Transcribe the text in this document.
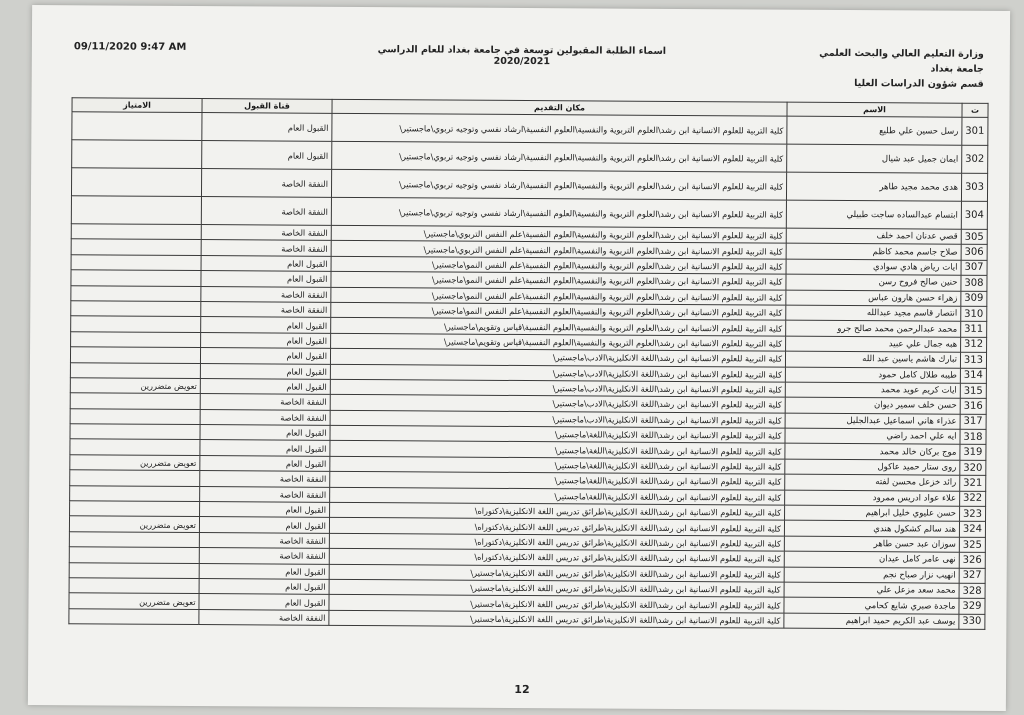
09/11/2020 9:47 AM	اسماء الطلبة المقبولين توسعة في جامعة بغداد للعام الدراسي 2020/2021
وزارة التعليم العالي والبحث العلمي
جامعة بغداد
قسم شؤون الدراسات العليا
ت	الاسم	مكان التقديم	قناة القبول	الامتياز
301	رسل حسين علي طليع	كلية التربية للعلوم الانسانية ابن رشد\العلوم التربوية والنفسية\العلوم النفسية\ارشاد نفسي وتوجيه تربوي\ماجستير\	القبول العام	
302	ايمان جميل عبد شيال	كلية التربية للعلوم الانسانية ابن رشد\العلوم التربوية والنفسية\العلوم النفسية\ارشاد نفسي وتوجيه تربوي\ماجستير\	القبول العام	
303	هدى محمد مجيد طاهر	كلية التربية للعلوم الانسانية ابن رشد\العلوم التربوية والنفسية\العلوم النفسية\ارشاد نفسي وتوجيه تربوي\ماجستير\	النفقة الخاصة	
304	ابتسام عبدالساده ساجت طبيلي	كلية التربية للعلوم الانسانية ابن رشد\العلوم التربوية والنفسية\العلوم النفسية\ارشاد نفسي وتوجيه تربوي\ماجستير\	النفقة الخاصة	
305	قصي عدنان احمد خلف	كلية التربية للعلوم الانسانية ابن رشد\العلوم التربوية والنفسية\العلوم النفسية\علم النفس التربوي\ماجستير\	النفقة الخاصة	
306	صلاح جاسم محمد كاظم	كلية التربية للعلوم الانسانية ابن رشد\العلوم التربوية والنفسية\العلوم النفسية\علم النفس التربوي\ماجستير\	النفقة الخاصة	
307	ايات رياض هادي سوادي	كلية التربية للعلوم الانسانية ابن رشد\العلوم التربوية والنفسية\العلوم النفسية\علم النفس النمو\ماجستير\	القبول العام	
308	حنين صالح فروح رسن	كلية التربية للعلوم الانسانية ابن رشد\العلوم التربوية والنفسية\العلوم النفسية\علم النفس النمو\ماجستير\	القبول العام	
309	زهراء حسن هارون عباس	كلية التربية للعلوم الانسانية ابن رشد\العلوم التربوية والنفسية\العلوم النفسية\علم النفس النمو\ماجستير\	النفقة الخاصة	
310	انتصار قاسم مجيد عبدالله	كلية التربية للعلوم الانسانية ابن رشد\العلوم التربوية والنفسية\العلوم النفسية\علم النفس النمو\ماجستير\	النفقة الخاصة	
311	محمد عبدالرحمن محمد صالح جرو	كلية التربية للعلوم الانسانية ابن رشد\العلوم التربوية والنفسية\العلوم النفسية\قياس وتقويم\ماجستير\	القبول العام	
312	هبه جمال علي عبيد	كلية التربية للعلوم الانسانية ابن رشد\العلوم التربوية والنفسية\العلوم النفسية\قياس وتقويم\ماجستير\	القبول العام	
313	تبارك هاشم ياسين عبد الله	كلية التربية للعلوم الانسانية ابن رشد\اللغة الانكليزية\الادب\ماجستير\	القبول العام	
314	طيبه طلال كامل حمود	كلية التربية للعلوم الانسانية ابن رشد\اللغة الانكليزية\الادب\ماجستير\	القبول العام	
315	ايات كريم عويد محمد	كلية التربية للعلوم الانسانية ابن رشد\اللغة الانكليزية\الادب\ماجستير\	القبول العام	تعويض متضررين
316	حسن خلف سمير ديوان	كلية التربية للعلوم الانسانية ابن رشد\اللغة الانكليزية\الادب\ماجستير\	النفقة الخاصة	
317	عذراء هاني اسماعيل عبدالجليل	كلية التربية للعلوم الانسانية ابن رشد\اللغة الانكليزية\الادب\ماجستير\	النفقة الخاصة	
318	ايه علي احمد راضي	كلية التربية للعلوم الانسانية ابن رشد\اللغة الانكليزية\اللغة\ماجستير\	القبول العام	
319	موج بركان خالد محمد	كلية التربية للعلوم الانسانية ابن رشد\اللغة الانكليزية\اللغة\ماجستير\	القبول العام	
320	روى ستار حميد عاكول	كلية التربية للعلوم الانسانية ابن رشد\اللغة الانكليزية\اللغة\ماجستير\	القبول العام	تعويض متضررين
321	رائد خزعل محسن لفته	كلية التربية للعلوم الانسانية ابن رشد\اللغة الانكليزية\اللغة\ماجستير\	النفقة الخاصة	
322	علاء عواد ادريس ممرود	كلية التربية للعلوم الانسانية ابن رشد\اللغة الانكليزية\اللغة\ماجستير\	النفقة الخاصة	
323	حسن عليوي خليل ابراهيم	كلية التربية للعلوم الانسانية ابن رشد\اللغة الانكليزية\طرائق تدريس اللغة الانكليزية\دكتوراه\	القبول العام	
324	هند سالم كشكول هندي	كلية التربية للعلوم الانسانية ابن رشد\اللغة الانكليزية\طرائق تدريس اللغة الانكليزية\دكتوراه\	القبول العام	تعويض متضررين
325	سوزان عبد حسن طاهر	كلية التربية للعلوم الانسانية ابن رشد\اللغة الانكليزية\طرائق تدريس اللغة الانكليزية\دكتوراه\	النفقة الخاصة	
326	نهى عامر كامل عيدان	كلية التربية للعلوم الانسانية ابن رشد\اللغة الانكليزية\طرائق تدريس اللغة الانكليزية\دكتوراه\	النفقة الخاصة	
327	انهيب نزار صباح نجم	كلية التربية للعلوم الانسانية ابن رشد\اللغة الانكليزية\طرائق تدريس اللغة الانكليزية\ماجستير\	القبول العام	
328	محمد سعد مزعل علي	كلية التربية للعلوم الانسانية ابن رشد\اللغة الانكليزية\طرائق تدريس اللغة الانكليزية\ماجستير\	القبول العام	
329	ماجدة صبري شايع كحامي	كلية التربية للعلوم الانسانية ابن رشد\اللغة الانكليزية\طرائق تدريس اللغة الانكليزية\ماجستير\	القبول العام	تعويض متضررين
330	يوسف عبد الكريم حميد ابراهيم	كلية التربية للعلوم الانسانية ابن رشد\اللغة الانكليزية\طرائق تدريس اللغة الانكليزية\ماجستير\	النفقة الخاصة	
12
